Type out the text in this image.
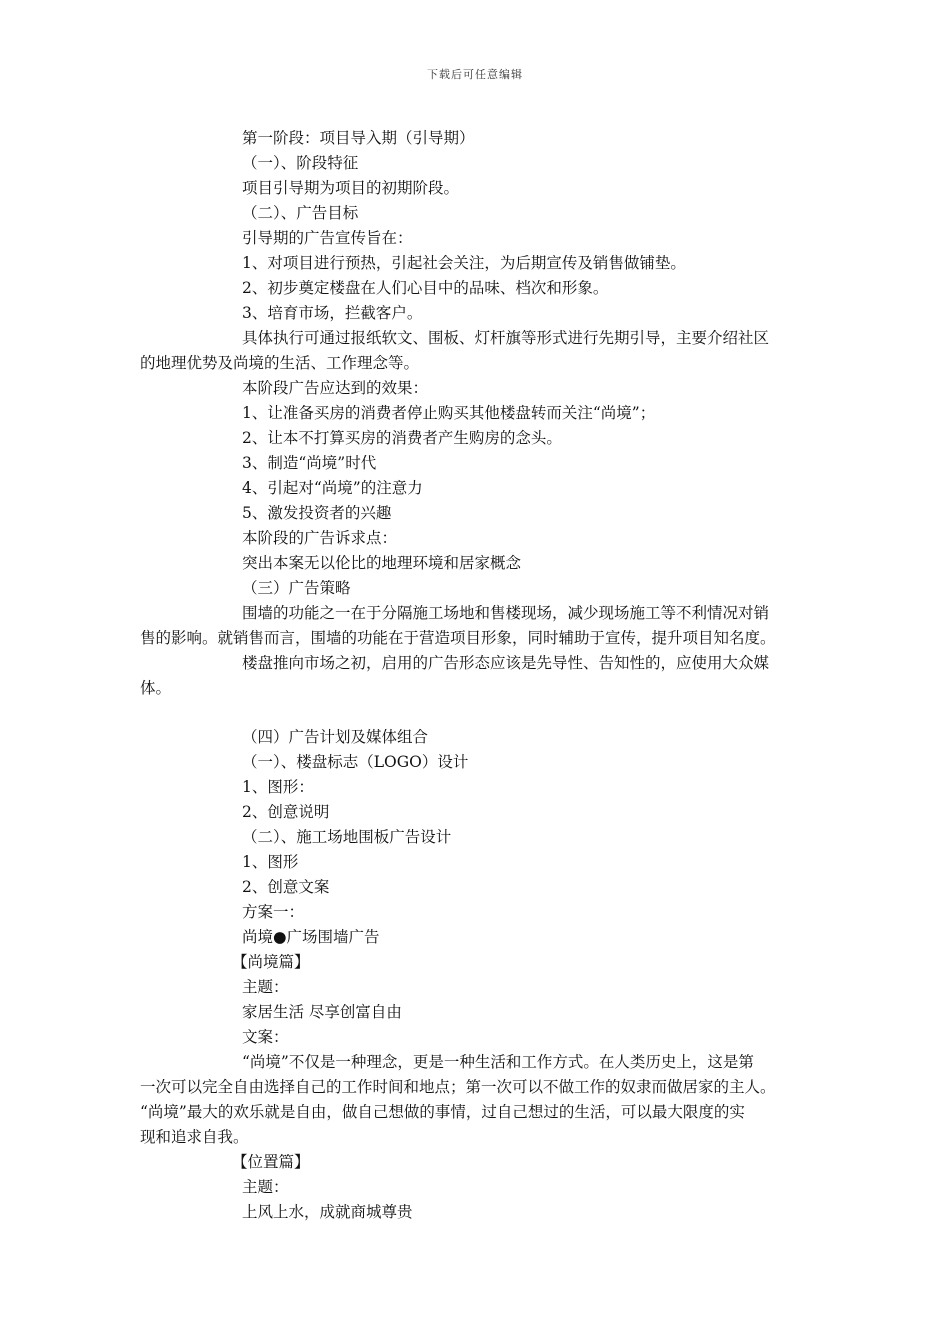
下载后可任意编辑
第一阶段：项目导入期（引导期）
（一）、阶段特征
项目引导期为项目的初期阶段。
（二）、广告目标
引导期的广告宣传旨在：
1、对项目进行预热，引起社会关注，为后期宣传及销售做铺垫。
2、初步奠定楼盘在人们心目中的品味、档次和形象。
3、培育市场，拦截客户。
具体执行可通过报纸软文、围板、灯杆旗等形式进行先期引导，主要介绍社区
的地理优势及尚境的生活、工作理念等。
本阶段广告应达到的效果：
1、让准备买房的消费者停止购买其他楼盘转而关注“尚境”；
2、让本不打算买房的消费者产生购房的念头。
3、制造“尚境”时代
4、引起对“尚境”的注意力
5、激发投资者的兴趣
本阶段的广告诉求点：
突出本案无以伦比的地理环境和居家概念
（三）广告策略
围墙的功能之一在于分隔施工场地和售楼现场，减少现场施工等不利情况对销
售的影响。就销售而言，围墙的功能在于营造项目形象，同时辅助于宣传，提升项目知名度。
楼盘推向市场之初，启用的广告形态应该是先导性、告知性的，应使用大众媒
体。
（四）广告计划及媒体组合
（一）、楼盘标志（LOGO）设计
1、图形：
2、创意说明
（二）、施工场地围板广告设计
1、图形
2、创意文案
方案一：
尚境●广场围墙广告
【尚境篇】
主题：
家居生活 尽享创富自由
文案：
“尚境”不仅是一种理念，更是一种生活和工作方式。在人类历史上，这是第
一次可以完全自由选择自己的工作时间和地点；第一次可以不做工作的奴隶而做居家的主人。
“尚境”最大的欢乐就是自由，做自己想做的事情，过自己想过的生活，可以最大限度的实
现和追求自我。
【位置篇】
主题：
上风上水，成就商城尊贵
